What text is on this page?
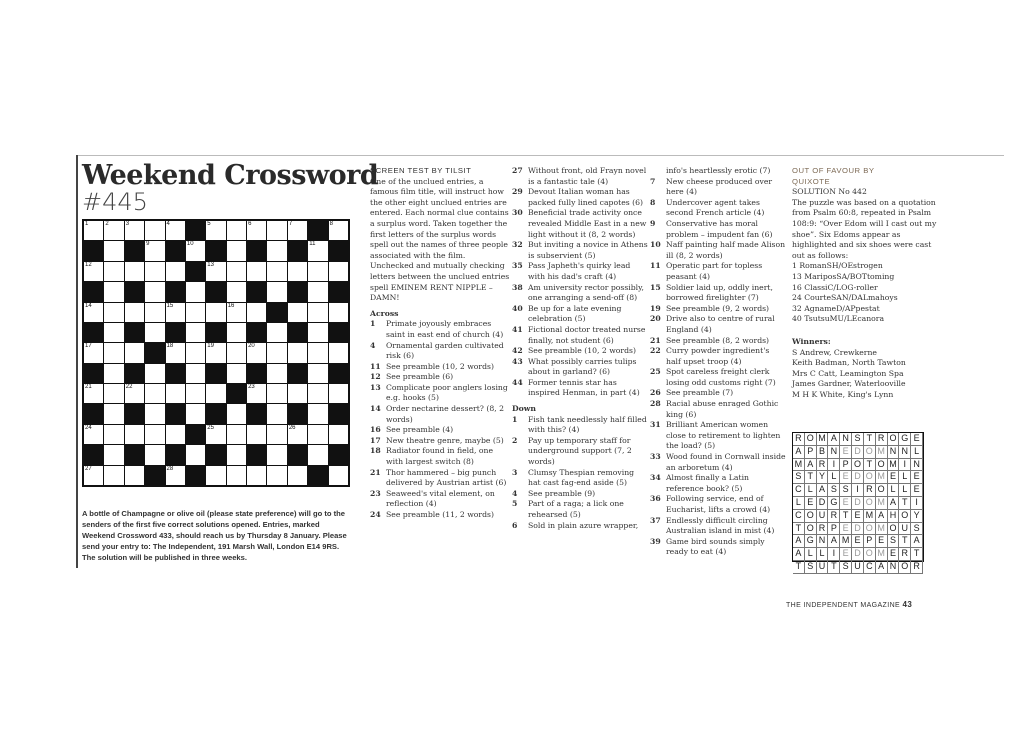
Weekend Crossword
#445
1	2	3	4	5	6	7	8
9	10	11
12	13
14	15	16
17	18	19	20
21	22	23
24	25	26
27	28
A bottle of Champagne or olive oil (please state preference) will go to the senders of the first five correct solutions opened. Entries, marked Weekend Crossword 433, should reach us by Thursday 8 January. Please send your entry to: The Independent, 191 Marsh Wall, London E14 9RS. The solution will be published in three weeks.
SCREEN TEST BY TILSIT
One of the unclued entries, a famous film title, will instruct how the other eight unclued entries are entered. Each normal clue contains a surplus word. Taken together the first letters of the surplus words spell out the names of three people associated with the film. Unchecked and mutually checking letters between the unclued entries spell EMINEM RENT NIPPLE – DAMN!
Across
1	Primate joyously embraces saint in east end of church (4)
4	Ornamental garden cultivated risk (6)
11 See preamble (10, 2 words)
12 See preamble (6)
13 Complicate poor anglers losing e.g. hooks (5)
14 Order nectarine dessert? (8, 2 words)
16 See preamble (4)
17 New theatre genre, maybe (5)
18 Radiator found in field, one with largest switch (8)
21 Thor hammered – big punch delivered by Austrian artist (6)
23 Seaweed's vital element, on reflection (4)
24 See preamble (11, 2 words)
27 Without front, old Frayn novel is a fantastic tale (4)
29 Devout Italian woman has packed fully lined capotes (6)
30 Beneficial trade activity once revealed Middle East in a new light without it (8, 2 words)
32 But inviting a novice in Athens is subservient (5)
35 Pass Japheth's quirky lead with his dad's craft (4)
38 Am university rector possibly, one arranging a send-off (8)
40 Be up for a late evening celebration (5)
41 Fictional doctor treated nurse finally, not student (6)
42 See preamble (10, 2 words)
43 What possibly carries tulips about in garland? (6)
44 Former tennis star has inspired Henman, in part (4)
Down
1	Fish tank needlessly half filled with this? (4)
2	Pay up temporary staff for underground support (7, 2 words)
3	Clumsy Thespian removing hat cast fag-end aside (5)
4	See preamble (9)
5	Part of a raga; a lick one rehearsed (5)
6	Sold in plain azure wrapper,
info's heartlessly erotic (7)
7	New cheese produced over here (4)
8	Undercover agent takes second French article (4)
9	Conservative has moral problem – impudent fan (6)
10 Naff painting half made Alison ill (8, 2 words)
11 Operatic part for topless peasant (4)
15 Soldier laid up, oddly inert, borrowed firelighter (7)
19 See preamble (9, 2 words)
20 Drive also to centre of rural England (4)
21 See preamble (8, 2 words)
22 Curry powder ingredient's half upset troop (4)
25 Spot careless freight clerk losing odd customs right (7)
26 See preamble (7)
28 Racial abuse enraged Gothic king (6)
31 Brilliant American women close to retirement to lighten the load? (5)
33 Wood found in Cornwall inside an arboretum (4)
34 Almost finally a Latin reference book? (5)
36 Following service, end of Eucharist, lifts a crowd (4)
37 Endlessly difficult circling Australian island in mist (4)
39 Game bird sounds simply ready to eat (4)
OUT OF FAVOUR BY
QUIXOTE
SOLUTION No 442
The puzzle was based on a quotation from Psalm 60:8, repeated in Psalm 108:9: “Over Edom will I cast out my shoe”. Six Edoms appear as highlighted and six shoes were cast out as follows:
1 RomanSH/OEstrogen
13 MariposSA/BOTtoming
16 ClassiC/LOG-roller
24 CourteSAN/DALmahoys
32 AgnameD/APpestat
40 TsutsuMU/LEcanora
Winners:
S Andrew, Crewkerne
Keith Badman, North Tawton
Mrs C Catt, Leamington Spa
James Gardner, Waterlooville
M H K White, King's Lynn
R O M A N S T R O G E
A P B N E D O M N N L
M A R I P O T O M I N
S T Y L E D O M E L E
C L A S S I R O L L E
L E D G E D O M A T I
C O U R T E M A H O Y
T O R P E D O M O U S
A G N A M E P E S T A
A L L I E D O M E R T
T S U T S U C A N O R
THE INDEPENDENT MAGAZINE 43
